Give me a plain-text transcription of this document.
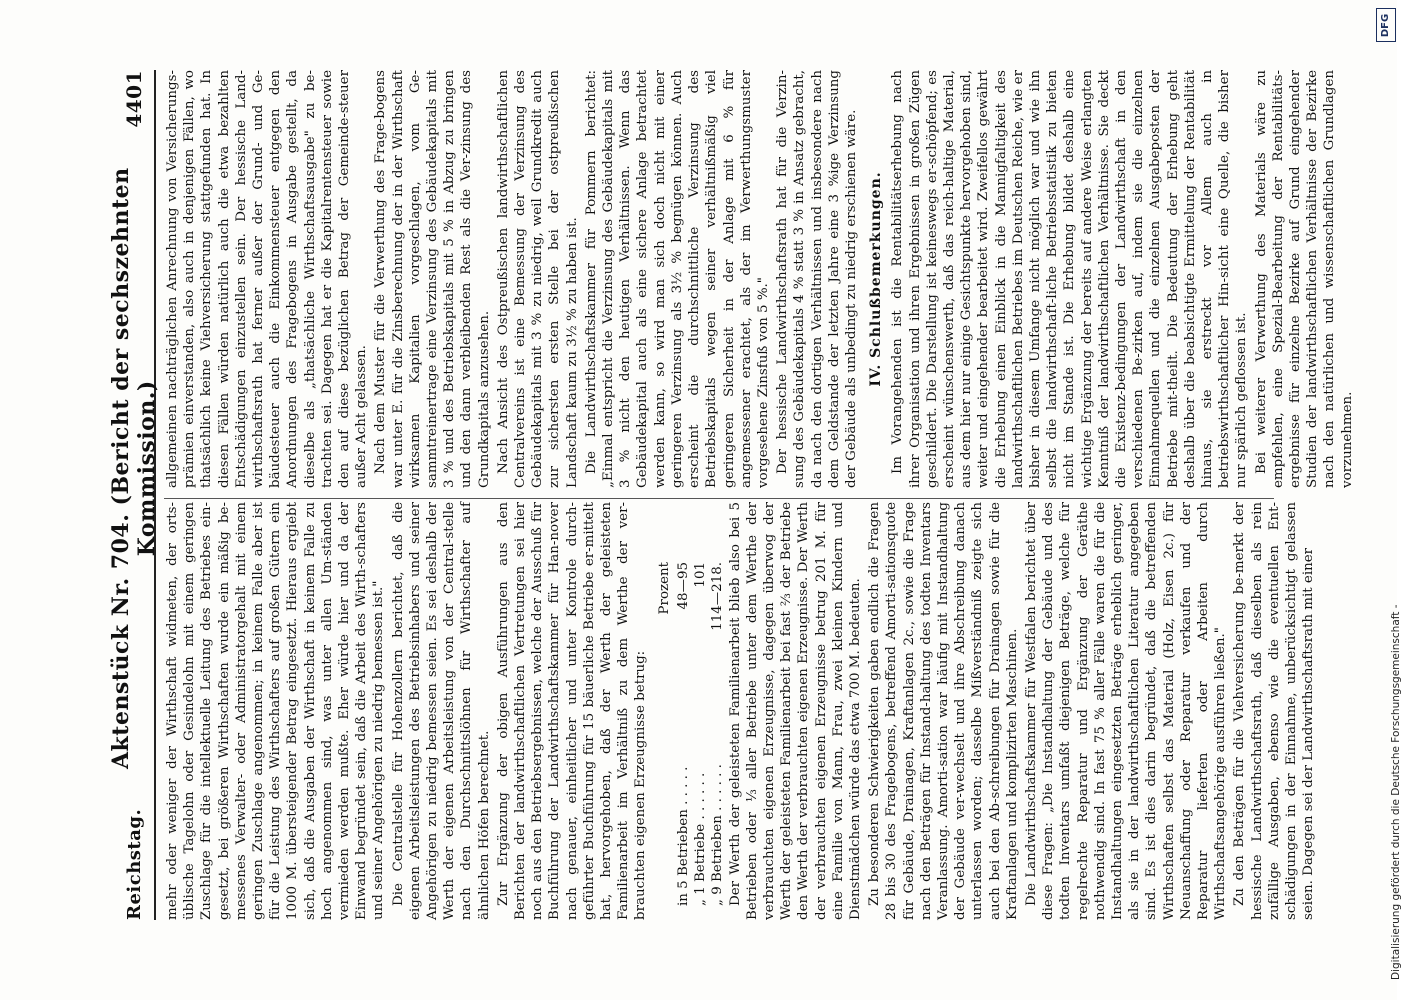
Reichstag.
Aktenstück Nr. 704. (Bericht der sechszehnten Kommission.)
4401

mehr oder weniger der Wirthschaft widmeten, der orts-üblische Tagelohn oder Gesindelohn mit einem geringen Zuschlage für die intellektuelle Leitung des Betriebes ein-gesetzt, bei größeren Wirthschaften wurde ein mäßig be-messenes Verwalter- oder Administratorgehalt mit einem geringen Zuschlage angenommen; in keinem Falle aber ist für die Leistung des Wirthschafters auf großen Gütern ein 1000 M. übersteigender Betrag eingesetzt. Hieraus ergiebt sich, daß die Ausgaben der Wirthschaft in keinem Falle zu hoch angenommen sind, was unter allen Um-ständen vermieden werden mußte. Eher würde hier und da der Einwand begründet sein, daß die Arbeit des Wirth-schafters und seiner Angehörigen zu niedrig bemessen ist." Die Centralstelle für Hohenzollern berichtet, daß die eigenen Arbeitsleistungen des Betriebsinhabers und seiner Angehörigen zu niedrig bemessen seien. Es sei deshalb der Werth der eigenen Arbeitsleistung von der Central-stelle nach den Durchschnittslöhnen für Wirthschafter auf ähnlichen Höfen berechnet. Zur Ergänzung der obigen Ausführungen aus den Berichten der landwirthschaftlichen Vertretungen sei hier noch aus den Betriebsergebnissen, welche der Ausschuß für Buchführung der Landwirthschaftskammer für Han-nover nach genauer, einheitlicher und unter Kontrole durch-geführter Buchführung für 15 bäuerliche Betriebe er-mittelt hat, hervorgehoben, daß der Werth der geleisteten Familienarbeit im Verhältniß zu dem Werthe der ver-brauchten eigenen Erzeugnisse betrug:

Prozent
in 5 Betrieben . . . . .
48—95
„ 1 Betriebe . . . . . .
101
„ 9 Betrieben . . . . . .
114—218. Der Werth der geleisteten Familienarbeit blieb also bei 5 Betrieben oder ⅓ aller Betriebe unter dem Werthe der verbrauchten eigenen Erzeugnisse, dagegen überwog der Werth der geleisteten Familienarbeit bei fast ⅔ der Betriebe den Werth der verbrauchten eigenen Erzeugnisse. Der Werth der verbrauchten eigenen Erzeugnisse betrug 201 M. für eine Familie von Mann, Frau, zwei kleinen Kindern und Dienstmädchen würde das etwa 700 M. bedeuten. Zu besonderen Schwierigkeiten gaben endlich die Fragen 28 bis 30 des Fragebogens, betreffend Amorti-sationsquote für Gebäude, Drainagen, Kraftanlagen 2c., sowie die Frage nach den Beträgen für Instand-haltung des todten Inventars Veranlassung. Amorti-sation war häufig mit Instandhaltung der Gebäude ver-wechselt und ihre Abschreibung danach unterlassen worden; dasselbe Mißverständniß zeigte sich auch bei den Ab-schreibungen für Drainagen sowie für die Kraftanlagen und komplizirten Maschinen. Die Landwirthschaftskammer für Westfalen berichtet über diese Fragen: „Die Instandhaltung der Gebäude und des todten Inventars umfaßt diejenigen Beträge, welche für regelrechte Reparatur und Ergänzung der Geräthe nothwendig sind. In fast 75 % aller Fälle waren die für die Instandhaltungen eingesetzten Beträge erheblich geringer, als sie in der landwirthschaftlichen Literatur angegeben sind. Es ist dies darin begründet, daß die betreffenden Wirthschaften selbst das Material (Holz, Eisen 2c.) für Neuanschaffung oder Reparatur verkaufen und der Reparatur lieferten oder Arbeiten durch Wirthschaftsangehörige ausführen ließen." Zu den Beträgen für die Viehversicherung be-merkt der hessische Landwirthschaftsrath, daß dieselben als rein zufällige Ausgaben, ebenso wie die eventuellen Ent-schädigungen in der Einnahme, unberücksichtigt gelassen seien. Dagegen sei der Landwirthschaftsrath mit einer

allgemeinen nachträglichen Anrechnung von Versicherungs-prämien einverstanden, also auch in denjenigen Fällen, wo thatsächlich keine Viehversicherung stattgefunden hat. In diesen Fällen würden natürlich auch die etwa bezahlten Entschädigungen einzustellen sein. Der hessische Land-wirthschaftsrath hat ferner außer der Grund- und Ge-bäudesteuer auch die Einkommensteuer entgegen den Anordnungen des Fragebogens in Ausgabe gestellt, da dieselbe als „thatsächliche Wirthschaftsausgabe" zu be-trachten sei. Dagegen hat er die Kapitalrentensteuer sowie den auf diese bezüglichen Betrag der Gemeinde-steuer außer Acht gelassen. Nach dem Muster für die Verwerthung des Frage-bogens war unter E. für die Zinsberechnung der in der Wirthschaft wirksamen Kapitalien vorgeschlagen, vom Ge-sammtreinertrage eine Verzinsung des Gebäudekapitals mit 3 % und des Betriebskapitals mit 5 % in Abzug zu bringen und den dann verbleibenden Rest als die Ver-zinsung des Grundkapitals anzusehen. Nach Ansicht des Ostpreußischen landwirthschaftlichen Centralvereins ist eine Bemessung der Verzinsung des Gebäudekapitals mit 3 % zu niedrig, weil Grundkredit auch zur sichersten ersten Stelle bei der ostpreußischen Landschaft kaum zu 3½ % zu haben ist. Die Landwirthschaftskammer für Pommern berichtet: „Einmal entspricht die Verzinsung des Gebäudekapitals mit 3 % nicht den heutigen Verhältnissen. Wenn das Gebäudekapital auch als eine sichere Anlage betrachtet werden kann, so wird man sich doch nicht mit einer geringeren Verzinsung als 3½ % begnügen können. Auch erscheint die durchschnittliche Verzinsung des Betriebskapitals wegen seiner verhältnißmäßig viel geringeren Sicherheit in der Anlage mit 6 % für angemessener erachtet, als der im Verwerthungsmuster vorgesehene Zinsfuß von 5 %." Der hessische Landwirthschaftsrath hat für die Verzin-sung des Gebäudekapitals 4 % statt 3 % in Ansatz gebracht, da nach den dortigen Verhältnissen und insbesondere nach dem Geldstande der letzten Jahre eine 3 %ige Verzinsung der Gebäude als unbedingt zu niedrig erschienen wäre. IV. Schlußbemerkungen. Im Vorangehenden ist die Rentabilitätserhebung nach ihrer Organisation und ihren Ergebnissen in großen Zügen geschildert. Die Darstellung ist keineswegs er-schöpfend; es erscheint wünschenswerth, daß das reich-haltige Material, aus dem hier nur einige Gesichtspunkte hervorgehoben sind, weiter und eingehender bearbeitet wird. Zweifellos gewährt die Erhebung einen Einblick in die Mannigfaltigkeit des landwirthschaftlichen Betriebes im Deutschen Reiche, wie er bisher in diesem Umfange nicht möglich war und wie ihn selbst die landwirthschaft-liche Betriebsstatistik zu bieten nicht im Stande ist. Die Erhebung bildet deshalb eine wichtige Ergänzung der bereits auf andere Weise erlangten Kenntniß der landwirthschaftlichen Verhältnisse. Sie deckt die Existenz-bedingungen der Landwirthschaft in den verschiedenen Be-zirken auf, indem sie die einzelnen Einnahmequellen und die einzelnen Ausgabeposten der Betriebe mit-theilt. Die Bedeutung der Erhebung geht deshalb über die beabsichtigte Ermittelung der Rentabilität hinaus, sie erstreckt vor Allem auch in betriebswirthschaftlicher Hin-sicht eine Quelle, die bisher nur spärlich geflossen ist. Bei weiterer Verwerthung des Materials wäre zu empfehlen, eine Spezial-Bearbeitung der Rentabilitäts-ergebnisse für einzelne Bezirke auf Grund eingehender Studien der landwirthschaftlichen Verhältnisse der Bezirke nach den natürlichen und wissenschaftlichen Grundlagen vorzunehmen.

DFG
Digitalisierung gefördert durch die Deutsche Forschungsgemeinschaft -
